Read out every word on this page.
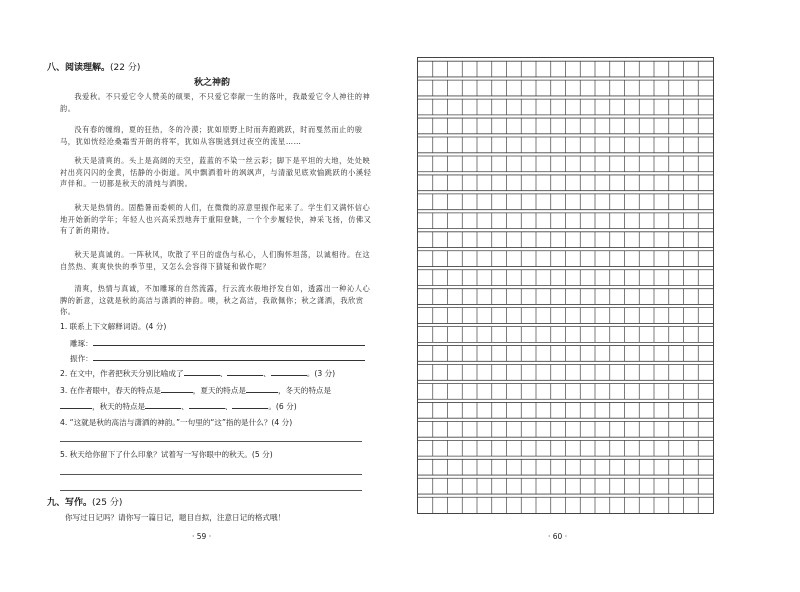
八、阅读理解。(22 分)
秋之神韵

我爱秋。不只爱它令人赞美的硕果，不只爱它奉献一生的落叶，我最爱它令人神往的神韵。

没有春的缠绵，夏的狂热，冬的冷漠；犹如原野上时而奔跑跳跃，时而戛然而止的骏马，犹如恍经沧桑霜雪开朗的将军，犹如从容脱逃到过夜空的流星……

秋天是清爽的。头上是高阔的天空，蓝蓝的不染一丝云彩；脚下是平坦的大地，处处映衬出亮闪闪的金黄，恬静的小街道。风中飘洒着叶的飒飒声，与清澈见底欢愉跳跃的小溪轻声伴和。一切都是秋天的清纯与洒脱。

秋天是热情的。固酷暑而委顿的人们，在微微的凉意里振作起来了。学生们又满怀信心地开始新的学年；年轻人也兴高采烈地奔于重阳登眺，一个个步履轻快，神采飞扬，仿佛又有了新的期待。

秋天是真诚的。一阵秋风，吹散了平日的虚伪与私心，人们胸怀坦荡，以诚相待。在这自然热、爽爽快快的季节里，又怎么会容得下猜疑和做作呢？

清爽，热情与真诚，不加雕琢的自然流露，行云流水般地抒发自如，透露出一种沁人心脾的新意，这就是秋的高洁与潇洒的神韵。噢，秋之高洁，我歆佩你；秋之潇洒，我欣赏你。

1. 联系上下文解释词语。(4 分)
雕琢：
振作：
2. 在文中，作者把秋天分别比喻成了	、	、	。(3 分)
3. 在作者眼中，春天的特点是	，夏天的特点是	，冬天的特点是
，秋天的特点是	、	、	。(6 分)
4. “这就是秋的高洁与潇洒的神韵。”一句里的“这”指的是什么？(4 分)
5. 秋天给你留下了什么印象？试着写一写你眼中的秋天。(5 分)
九、写作。(25 分)
你写过日记吗？请你写一篇日记，题目自拟，注意日记的格式哦！
· 59 ·	· 60 ·
